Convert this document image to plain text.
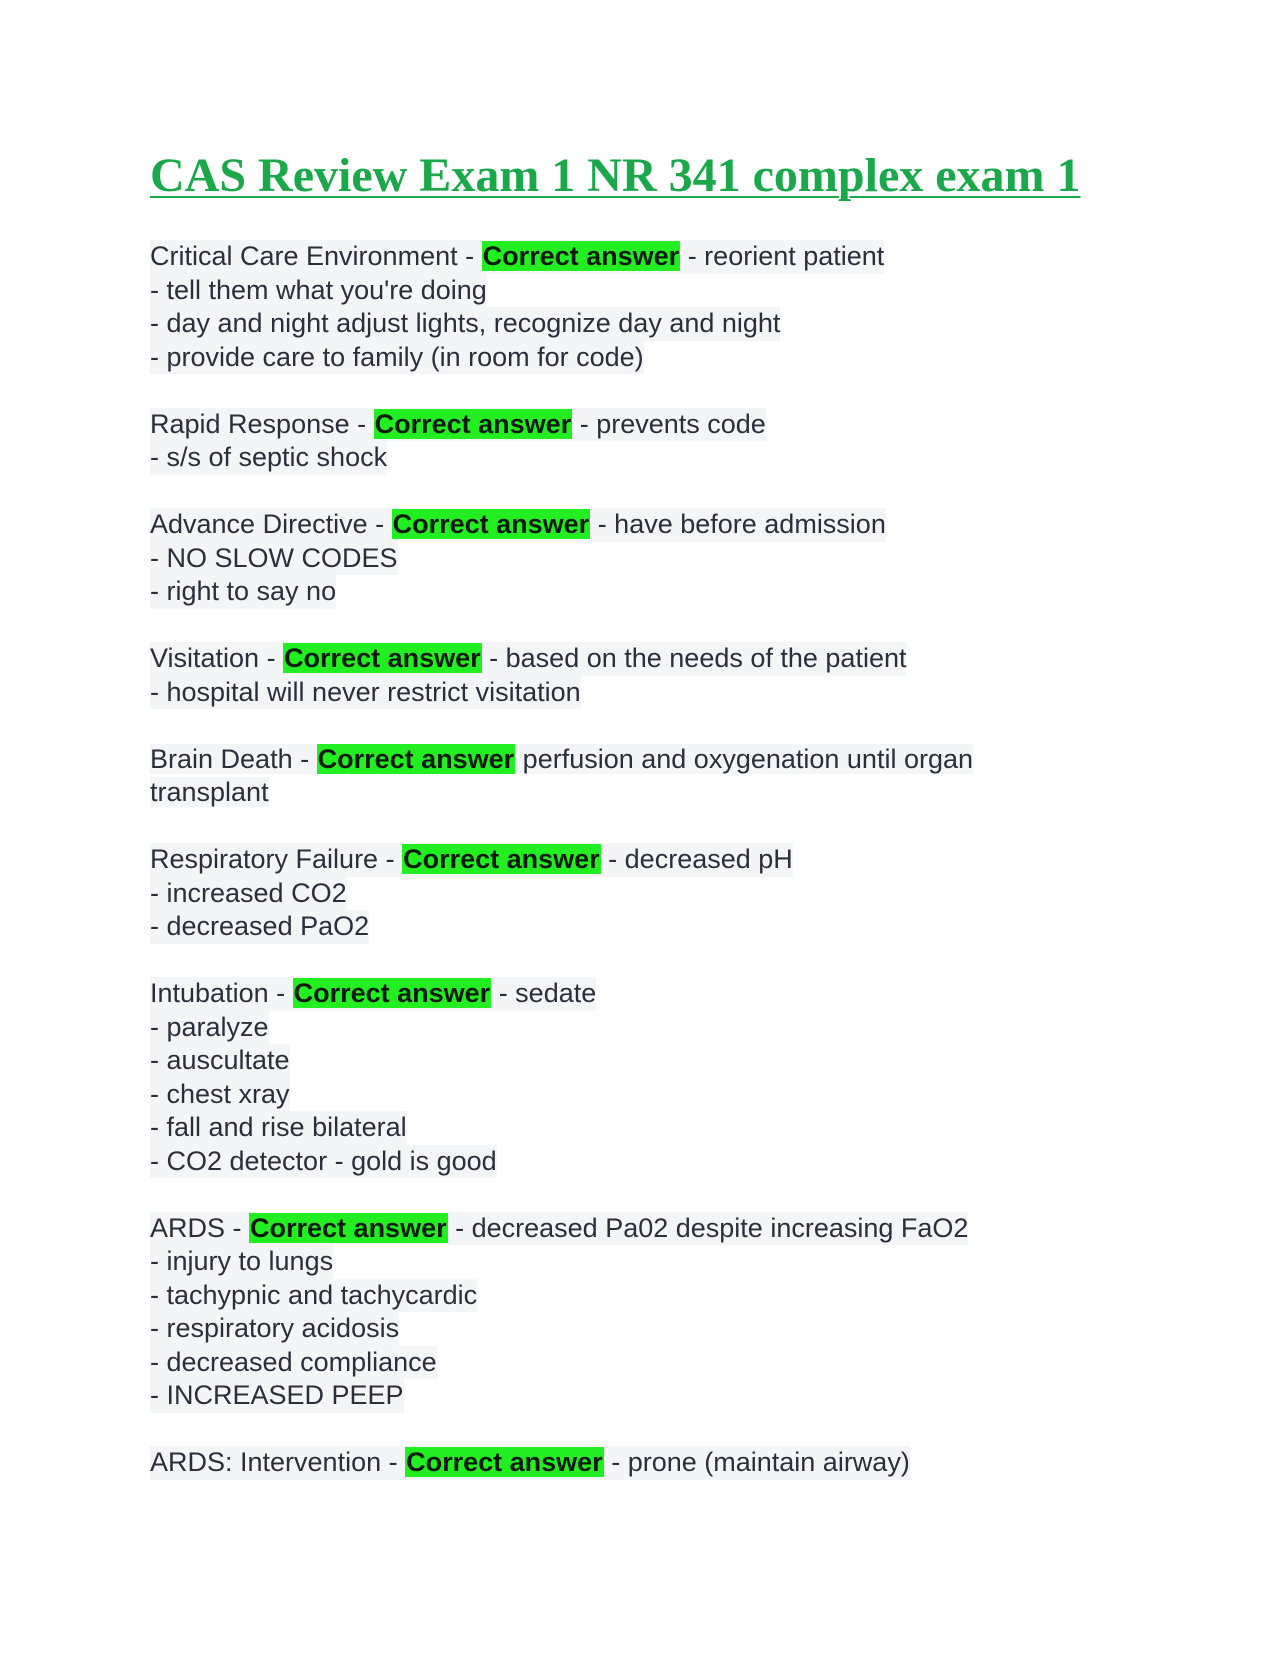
CAS Review Exam 1 NR 341 complex exam 1
Critical Care Environment - Correct answer - reorient patient
- tell them what you're doing
- day and night adjust lights, recognize day and night
- provide care to family (in room for code)
Rapid Response - Correct answer - prevents code
- s/s of septic shock
Advance Directive - Correct answer - have before admission
- NO SLOW CODES
- right to say no
Visitation - Correct answer - based on the needs of the patient
- hospital will never restrict visitation
Brain Death - Correct answer perfusion and oxygenation until organ transplant
Respiratory Failure - Correct answer - decreased pH
- increased CO2
- decreased PaO2
Intubation - Correct answer - sedate
- paralyze
- auscultate
- chest xray
- fall and rise bilateral
- CO2 detector - gold is good
ARDS - Correct answer - decreased Pa02 despite increasing FaO2
- injury to lungs
- tachypnic and tachycardic
- respiratory acidosis
- decreased compliance
- INCREASED PEEP
ARDS: Intervention - Correct answer - prone (maintain airway)
